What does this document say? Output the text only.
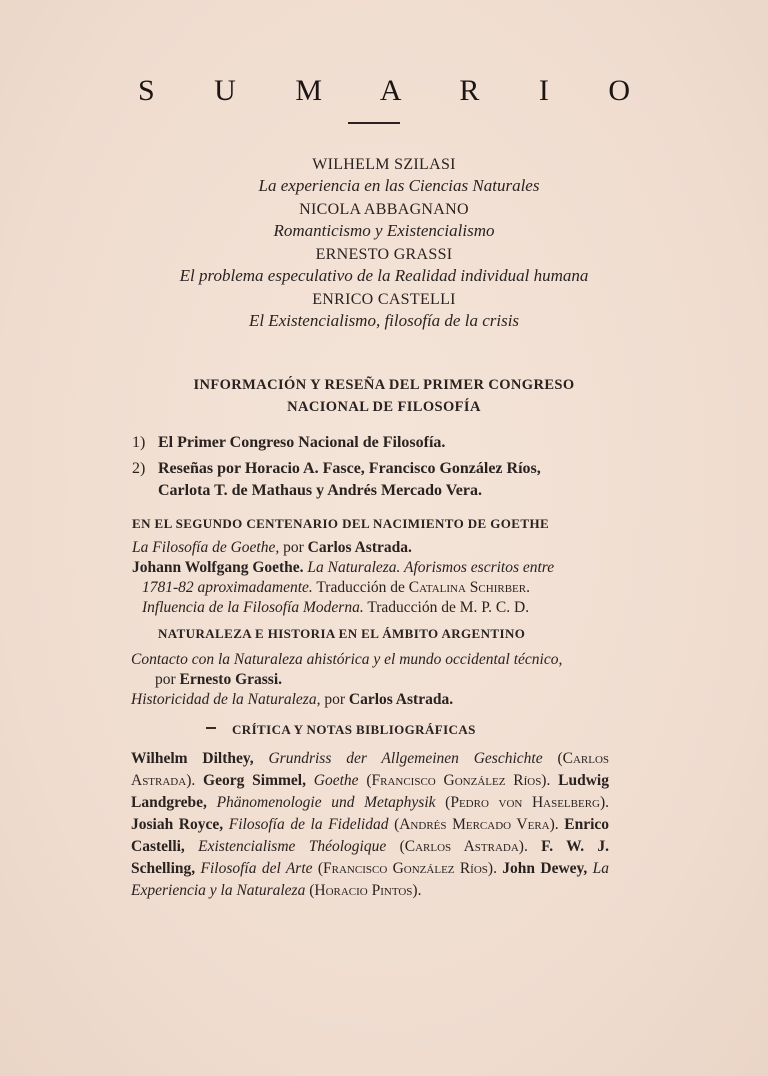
S U M A R I O
WILHELM SZILASI
La experiencia en las Ciencias Naturales
NICOLA ABBAGNANO
Romanticismo y Existencialismo
ERNESTO GRASSI
El problema especulativo de la Realidad individual humana
ENRICO CASTELLI
El Existencialismo, filosofía de la crisis
INFORMACIÓN Y RESEÑA DEL PRIMER CONGRESO
NACIONAL DE FILOSOFÍA
1) El Primer Congreso Nacional de Filosofía.
2) Reseñas por Horacio A. Fasce, Francisco González Ríos,
Carlota T. de Mathaus y Andrés Mercado Vera.
EN EL SEGUNDO CENTENARIO DEL NACIMIENTO DE GOETHE
La Filosofía de Goethe, por Carlos Astrada.
Johann Wolfgang Goethe. La Naturaleza. Aforismos escritos entre
1781-82 aproximadamente. Traducción de Catalina Schirber.
Influencia de la Filosofía Moderna. Traducción de M. P. C. D.
NATURALEZA E HISTORIA EN EL ÁMBITO ARGENTINO
Contacto con la Naturaleza ahistórica y el mundo occidental técnico,
por Ernesto Grassi.
Historicidad de la Naturaleza, por Carlos Astrada.
CRÍTICA Y NOTAS BIBLIOGRÁFICAS
Wilhelm Dilthey, Grundriss der Allgemeinen Geschichte (Carlos Astrada). Georg Simmel, Goethe (Francisco González Ríos). Ludwig Landgrebe, Phänomenologie und Metaphysik (Pedro von Haselberg). Josiah Royce, Filosofía de la Fidelidad (Andrés Mercado Vera). Enrico Castelli, Existencialisme Théologique (Carlos Astrada). F. W. J. Schelling, Filosofía del Arte (Francisco González Ríos). John Dewey, La Experiencia y la Naturaleza (Horacio Pintos).
